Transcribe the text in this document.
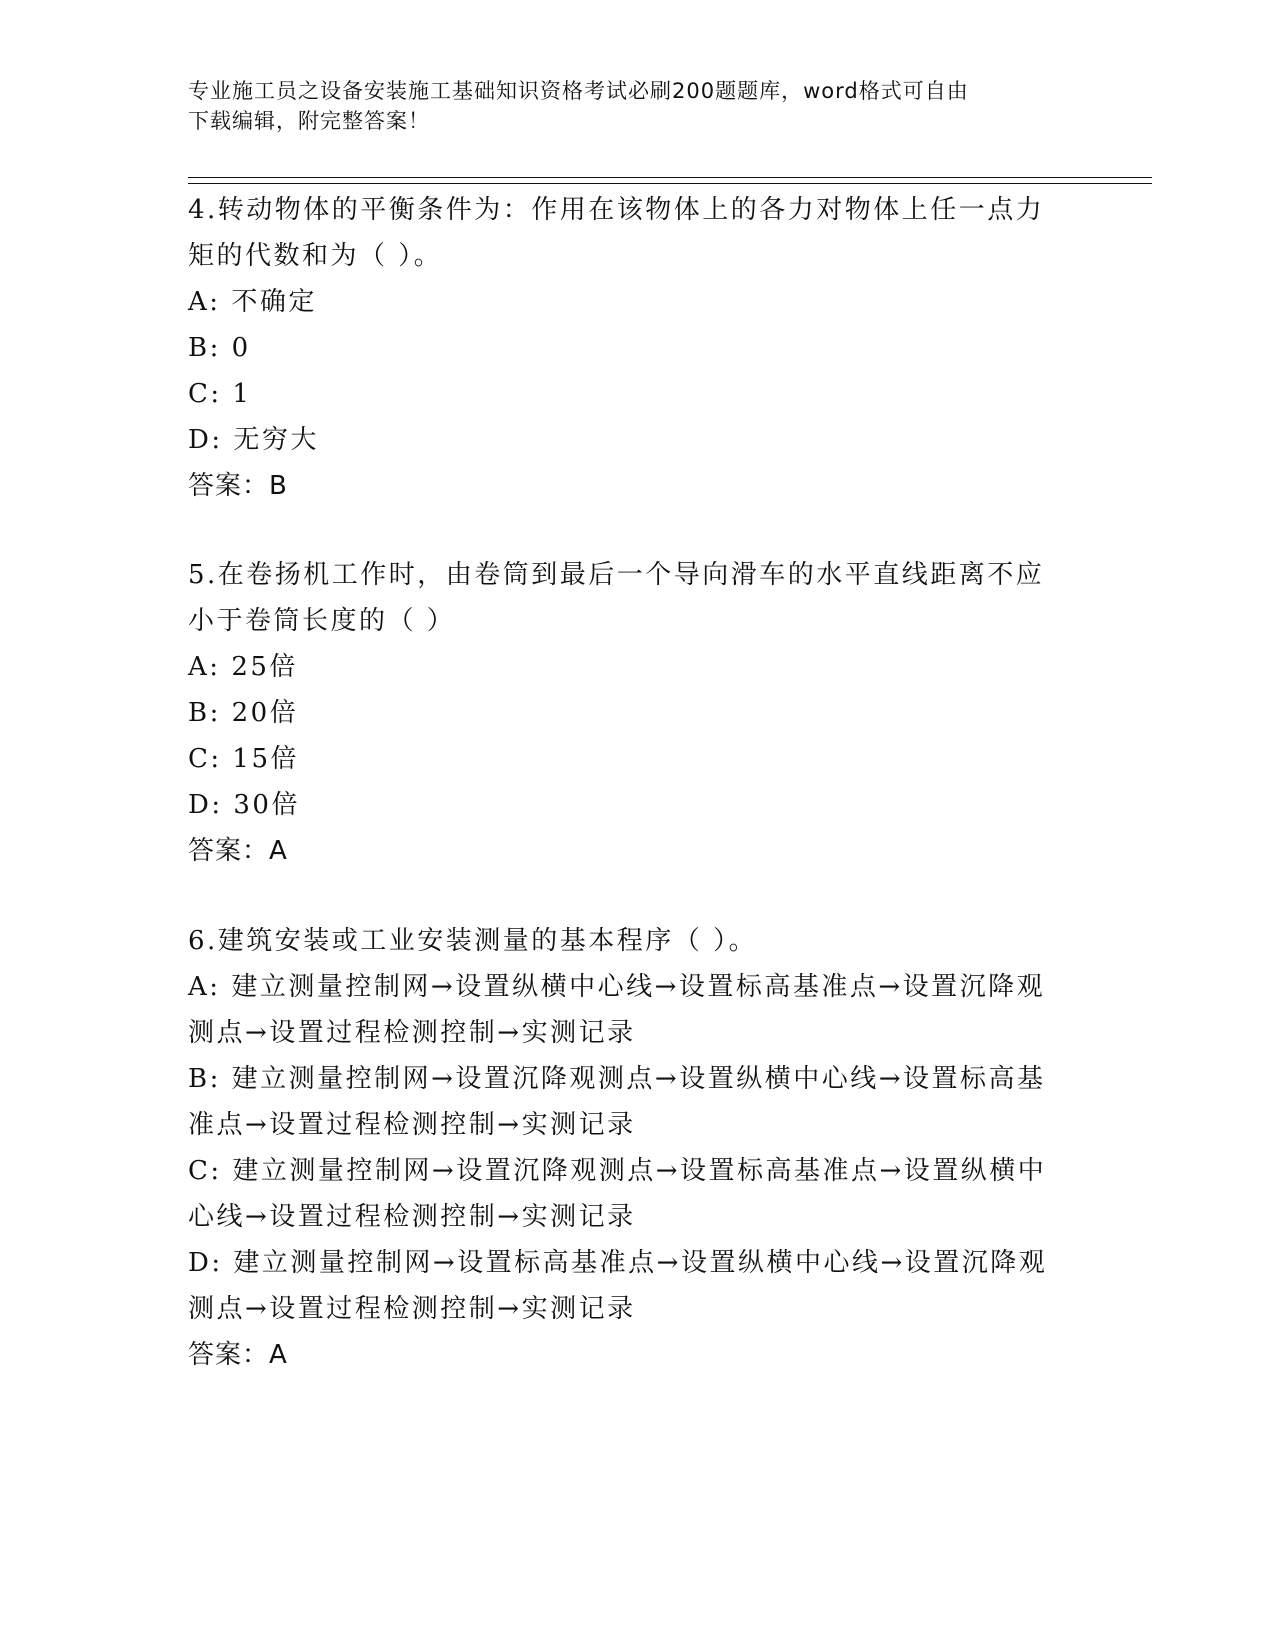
专业施工员之设备安装施工基础知识资格考试必刷200题题库，word格式可自由
下载编辑，附完整答案！

4.转动物体的平衡条件为：作用在该物体上的各力对物体上任一点力

矩的代数和为（ ）。

A: 不确定

B: 0

C: 1

D: 无穷大

答案：B

5.在卷扬机工作时，由卷筒到最后一个导向滑车的水平直线距离不应

小于卷筒长度的（ ）

A: 25倍

B: 20倍

C: 15倍

D: 30倍

答案：A

6.建筑安装或工业安装测量的基本程序（ ）。

A: 建立测量控制网→设置纵横中心线→设置标高基准点→设置沉降观

测点→设置过程检测控制→实测记录

B: 建立测量控制网→设置沉降观测点→设置纵横中心线→设置标高基

准点→设置过程检测控制→实测记录

C: 建立测量控制网→设置沉降观测点→设置标高基准点→设置纵横中

心线→设置过程检测控制→实测记录

D: 建立测量控制网→设置标高基准点→设置纵横中心线→设置沉降观

测点→设置过程检测控制→实测记录

答案：A
